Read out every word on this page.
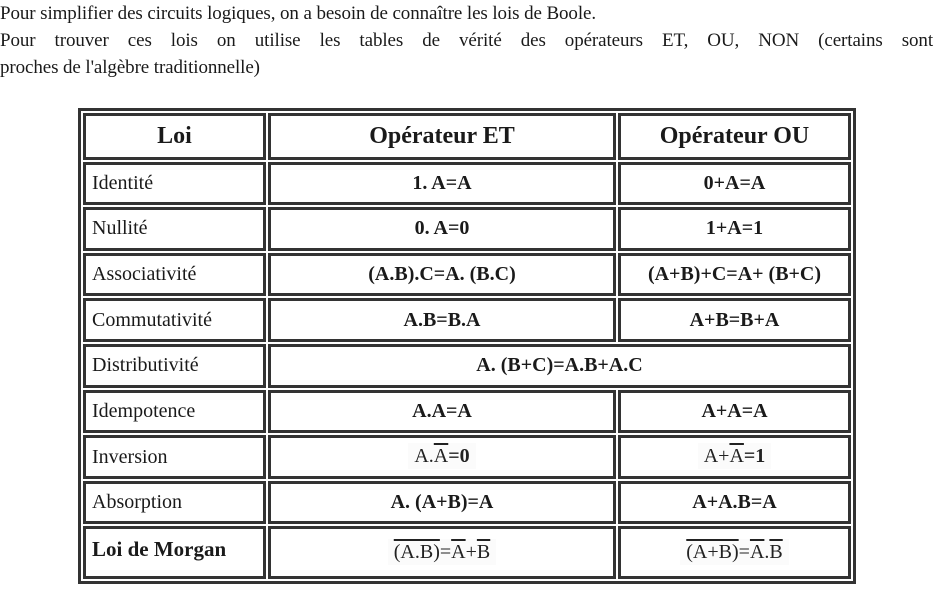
Pour simplifier des circuits logiques, on a besoin de connaître les lois de Boole.

Pour trouver ces lois on utilise les tables de vérité des opérateurs ET, OU, NON (certains sont

proches de l'algèbre traditionnelle)

Loi	Opérateur ET	Opérateur OU
Identité	1. A=A	0+A=A
Nullité	0. A=0	1+A=1
Associativité	(A.B).C=A. (B.C)	(A+B)+C=A+ (B+C)
Commutativité	A.B=B.A	A+B=B+A
Distributivité	A. (B+C)=A.B+A.C	
Idempotence	A.A=A	A+A=A
Inversion	$A.\overline{A}=0$	$A+\overline{A}=1$
Absorption	A. (A+B)=A	A+A.B=A
Loi de Morgan	$(A.B)=\overline{A}+\overline{B}$	$(A+B)=\overline{A}.\overline{B}$
